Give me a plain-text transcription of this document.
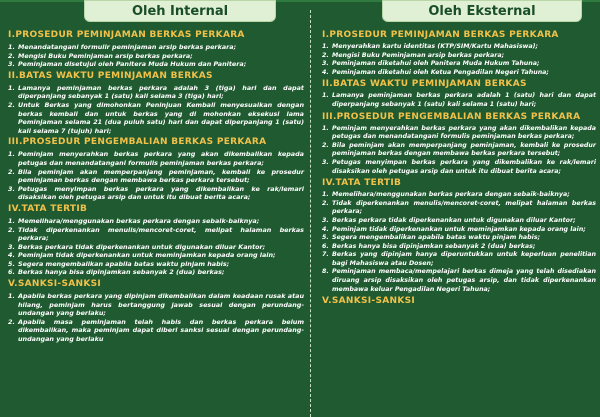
Oleh Internal
I.PROSEDUR PEMINJAMAN BERKAS PERKARA
1. Menandatangani formulir peminjaman arsip berkas perkara;
2. Mengisi Buku Peminjaman arsip berkas perkara;
3. Peminjaman disetujui oleh Panitera Muda Hukum dan Panitera;
II.BATAS WAKTU PEMINJAMAN BERKAS
1. Lamanya peminjaman berkas perkara adalah 3 (tiga) hari dan dapat diperpanjang sebanyak 1 (satu) kali selama 3 (tiga) hari;
2. Untuk Berkas yang dimohonkan Peninjuan Kembali menyesuaikan dengan berkas kembali dan untuk berkas yang di mohonkan eksekusi lama Peminjaman selama 21 (dua puluh satu) hari dan dapat diperpanjang 1 (satu) kali selama 7 (tujuh) hari;
III.PROSEDUR PENGEMBALIAN BERKAS PERKARA
1. Peminjam menyerahkan berkas perkara yang akan dikembalikan kepada petugas dan menandatangani formulis peminjaman berkas perkara;
2. Bila peminjam akan memperpanjang peminjaman, kembali ke prosedur peminjaman berkas dengan membawa berkas perkara tersebut;
3. Petugas menyimpan berkas perkara yang dikembalikan ke rak/lemari disaksikan oleh petugas arsip dan untuk itu dibuat berita acara;
IV.TATA TERTIB
1. Memelihara/menggunakan berkas perkara dengan sebaik-baiknya;
2. Tidak diperkenankan menulis/mencoret-coret, melipat halaman berkas perkara;
3. Berkas perkara tidak diperkenankan untuk digunakan diluar Kantor;
4. Peminjam tidak diperkenankan untuk meminjamkan kepada orang lain;
5. Segera mengembalikan apabila batas waktu pinjam habis;
6. Berkas hanya bisa dipinjamkan sebanyak 2 (dua) berkas;
V.SANKSI-SANKSI
1. Apabila berkas perkara yang dipinjam dikembalikan dalam keadaan rusak atau hilang, peminjam harus bertanggung jawab sesuai dengan perundang-undangan yang berlaku;
2. Apabila masa peminjaman telah habis dan berkas perkara belum dikembalikan, maka peminjam dapat diberi sanksi sesuai dengan perundang-undangan yang berlaku
Oleh Eksternal
I.PROSEDUR PEMINJAMAN BERKAS PERKARA
1. Menyerahkan kartu identitas (KTP/SIM/Kartu Mahasiswa);
2. Mengisi Buku Peminjaman arsip berkas perkara;
3. Peminjaman diketahui oleh Panitera Muda Hukum Tahuna;
4. Peminjaman diketahui oleh Ketua Pengadilan Negeri Tahuna;
II.BATAS WAKTU PEMINJAMAN BERKAS
1. Lamanya peminjaman berkas perkara adalah 1 (satu) hari dan dapat diperpanjang sebanyak 1 (satu) kali selama 1 (satu) hari;
III.PROSEDUR PENGEMBALIAN BERKAS PERKARA
1. Peminjam menyerahkan berkas perkara yang akan dikembalikan kepada petugas dan menandatangani formulis peminjaman berkas perkara;
2. Bila peminjam akan memperpanjang peminjaman, kembali ke prosedur peminjaman berkas dengan membawa berkas perkara tersebut;
3. Petugas menyimpan berkas perkara yang dikembalikan ke rak/lemari disaksikan oleh petugas arsip dan untuk itu dibuat berita acara;
IV.TATA TERTIB
1. Memelihara/menggunakan berkas perkara dengan sebaik-baiknya;
2. Tidak diperkenankan menulis/mencoret-coret, melipat halaman berkas perkara;
3. Berkas perkara tidak diperkenankan untuk digunakan diluar Kantor;
4. Peminjam tidak diperkenankan untuk meminjamkan kepada orang lain;
5. Segera mengembalikan apabila batas waktu pinjam habis;
6. Berkas hanya bisa dipinjamkan sebanyak 2 (dua) berkas;
7. Berkas yang dipinjam hanya diperuntukkan untuk keperluan penelitian bagi Mahasiswa atau Dosen;
8. Peminjaman membaca/mempelajari berkas dimeja yang telah disediakan diruang arsip disaksikan oleh petugas arsip, dan tidak diperkenankan membawa keluar Pengadilan Negeri Tahuna;
V.SANKSI-SANKSI
